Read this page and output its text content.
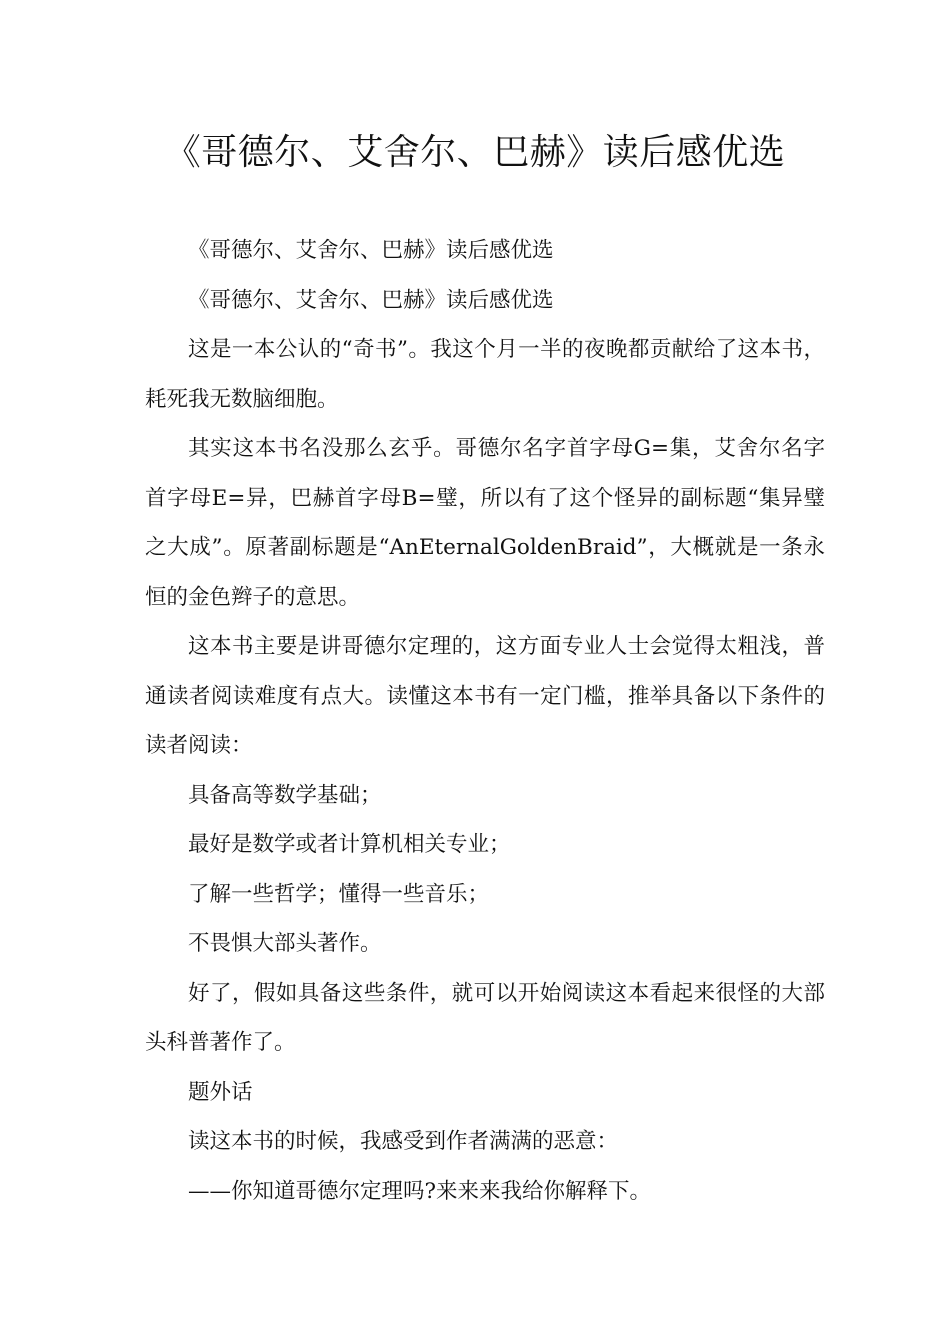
《哥德尔、艾舍尔、巴赫》读后感优选

《哥德尔、艾舍尔、巴赫》读后感优选

《哥德尔、艾舍尔、巴赫》读后感优选

这是一本公认的“奇书”。我这个月一半的夜晚都贡献给了这本书，耗死我无数脑细胞。

其实这本书名没那么玄乎。哥德尔名字首字母G=集，艾舍尔名字首字母E=异，巴赫首字母B=璧，所以有了这个怪异的副标题“集异璧之大成”。原著副标题是“AnEternalGoldenBraid”，大概就是一条永恒的金色辫子的意思。

这本书主要是讲哥德尔定理的，这方面专业人士会觉得太粗浅，普通读者阅读难度有点大。读懂这本书有一定门槛，推举具备以下条件的读者阅读：

具备高等数学基础；

最好是数学或者计算机相关专业；

了解一些哲学；懂得一些音乐；

不畏惧大部头著作。

好了，假如具备这些条件，就可以开始阅读这本看起来很怪的大部头科普著作了。

题外话

读这本书的时候，我感受到作者满满的恶意：

——你知道哥德尔定理吗?来来来我给你解释下。
